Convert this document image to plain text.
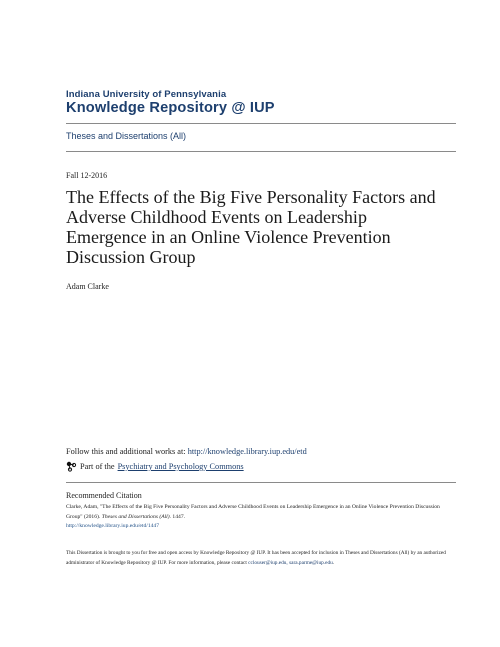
Indiana University of Pennsylvania
Knowledge Repository @ IUP
Theses and Dissertations (All)
Fall 12-2016
The Effects of the Big Five Personality Factors and Adverse Childhood Events on Leadership Emergence in an Online Violence Prevention Discussion Group
Adam Clarke
Follow this and additional works at: http://knowledge.library.iup.edu/etd
Part of the Psychiatry and Psychology Commons
Recommended Citation
Clarke, Adam, "The Effects of the Big Five Personality Factors and Adverse Childhood Events on Leadership Emergence in an Online Violence Prevention Discussion Group" (2016). Theses and Dissertations (All). 1447.
http://knowledge.library.iup.edu/etd/1447
This Dissertation is brought to you for free and open access by Knowledge Repository @ IUP. It has been accepted for inclusion in Theses and Dissertations (All) by an authorized administrator of Knowledge Repository @ IUP. For more information, please contact cclouser@iup.edu, sara.parme@iup.edu.
